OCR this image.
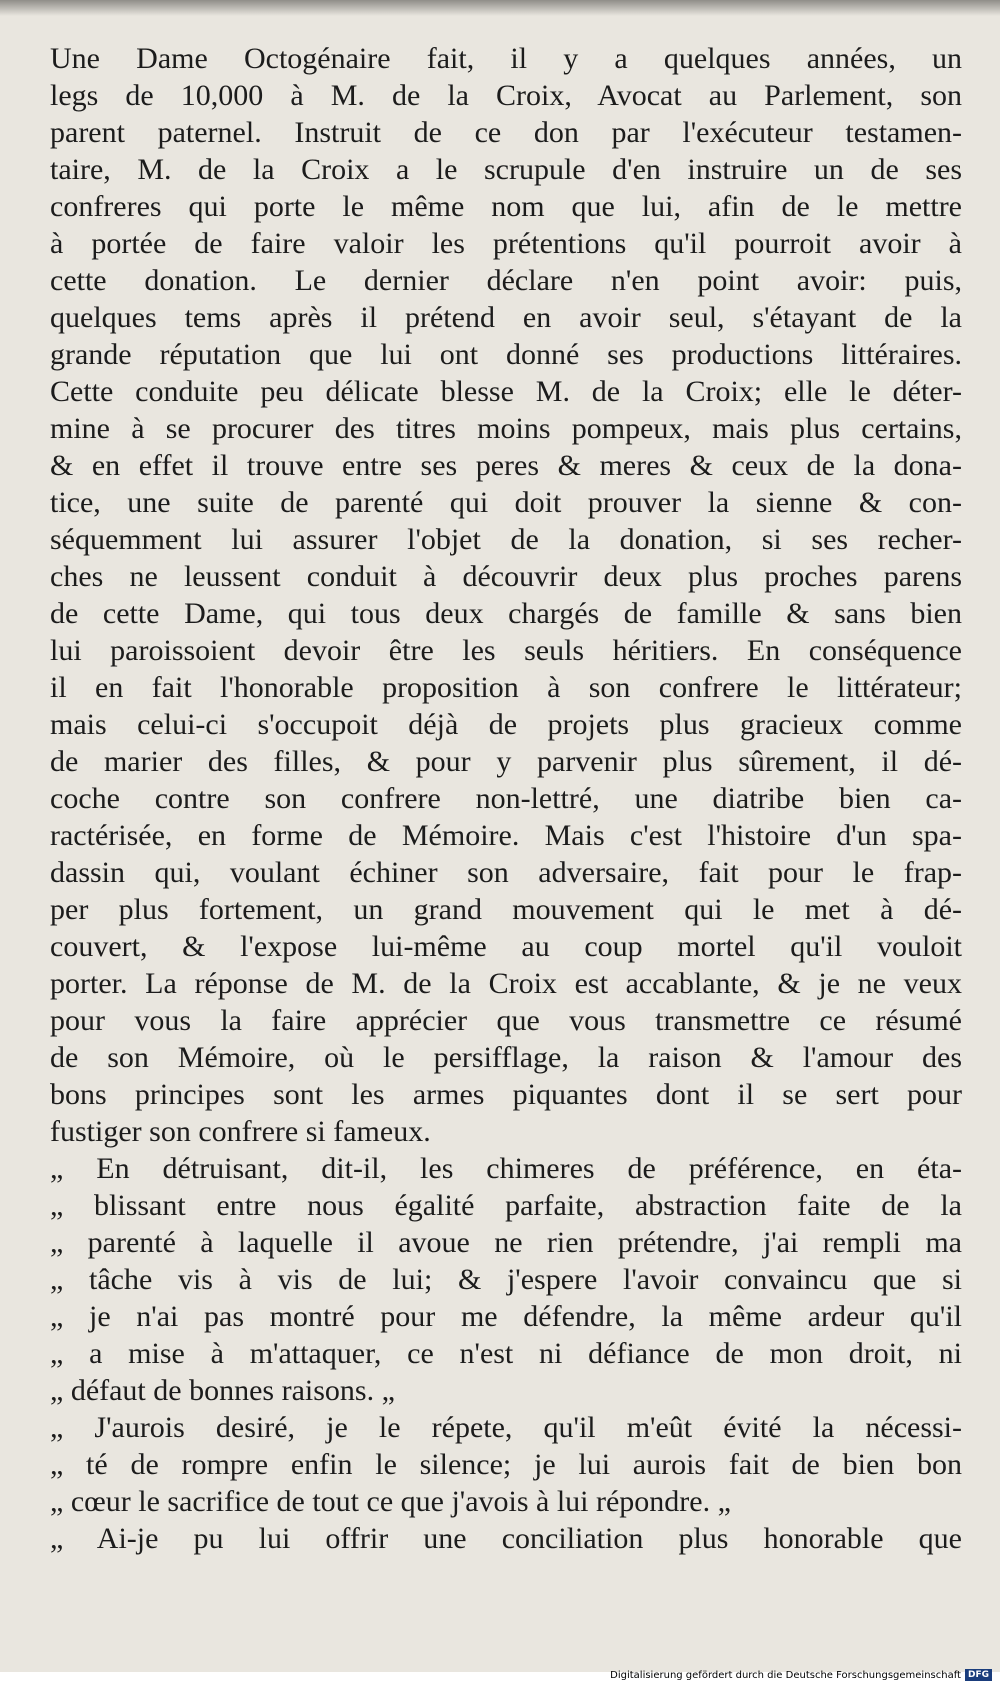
Une Dame Octogénaire fait, il y a quelques années, un
legs de 10,000 à M. de la Croix, Avocat au Parlement, son
parent paternel. Instruit de ce don par l'exécuteur testamen-
taire, M. de la Croix a le scrupule d'en instruire un de ses
confreres qui porte le même nom que lui, afin de le mettre
à portée de faire valoir les prétentions qu'il pourroit avoir à
cette donation. Le dernier déclare n'en point avoir: puis,
quelques tems après il prétend en avoir seul, s'étayant de la
grande réputation que lui ont donné ses productions littéraires.
Cette conduite peu délicate blesse M. de la Croix; elle le déter-
mine à se procurer des titres moins pompeux, mais plus certains,
& en effet il trouve entre ses peres & meres & ceux de la dona-
tice, une suite de parenté qui doit prouver la sienne & con-
séquemment lui assurer l'objet de la donation, si ses recher-
ches ne leussent conduit à découvrir deux plus proches parens
de cette Dame, qui tous deux chargés de famille & sans bien
lui paroissoient devoir être les seuls héritiers. En conséquence
il en fait l'honorable proposition à son confrere le littérateur;
mais celui-ci s'occupoit déjà de projets plus gracieux comme
de marier des filles, & pour y parvenir plus sûrement, il dé-
coche contre son confrere non-lettré, une diatribe bien ca-
ractérisée, en forme de Mémoire. Mais c'est l'histoire d'un spa-
dassin qui, voulant échiner son adversaire, fait pour le frap-
per plus fortement, un grand mouvement qui le met à dé-
couvert, & l'expose lui-même au coup mortel qu'il vouloit
porter. La réponse de M. de la Croix est accablante, & je ne veux
pour vous la faire apprécier que vous transmettre ce résumé
de son Mémoire, où le persifflage, la raison & l'amour des
bons principes sont les armes piquantes dont il se sert pour
fustiger son confrere si fameux.
„ En détruisant, dit-il, les chimeres de préférence, en éta-
„ blissant entre nous égalité parfaite, abstraction faite de la
„ parenté à laquelle il avoue ne rien prétendre, j'ai rempli ma
„ tâche vis à vis de lui; & j'espere l'avoir convaincu que si
„ je n'ai pas montré pour me défendre, la même ardeur qu'il
„ a mise à m'attaquer, ce n'est ni défiance de mon droit, ni
„ défaut de bonnes raisons. „
„ J'aurois desiré, je le répete, qu'il m'eût évité la nécessi-
„ té de rompre enfin le silence; je lui aurois fait de bien bon
„ cœur le sacrifice de tout ce que j'avois à lui répondre. „
„ Ai-je pu lui offrir une conciliation plus honorable que
Digitalisierung gefördert durch die Deutsche Forschungsgemeinschaft DFG
